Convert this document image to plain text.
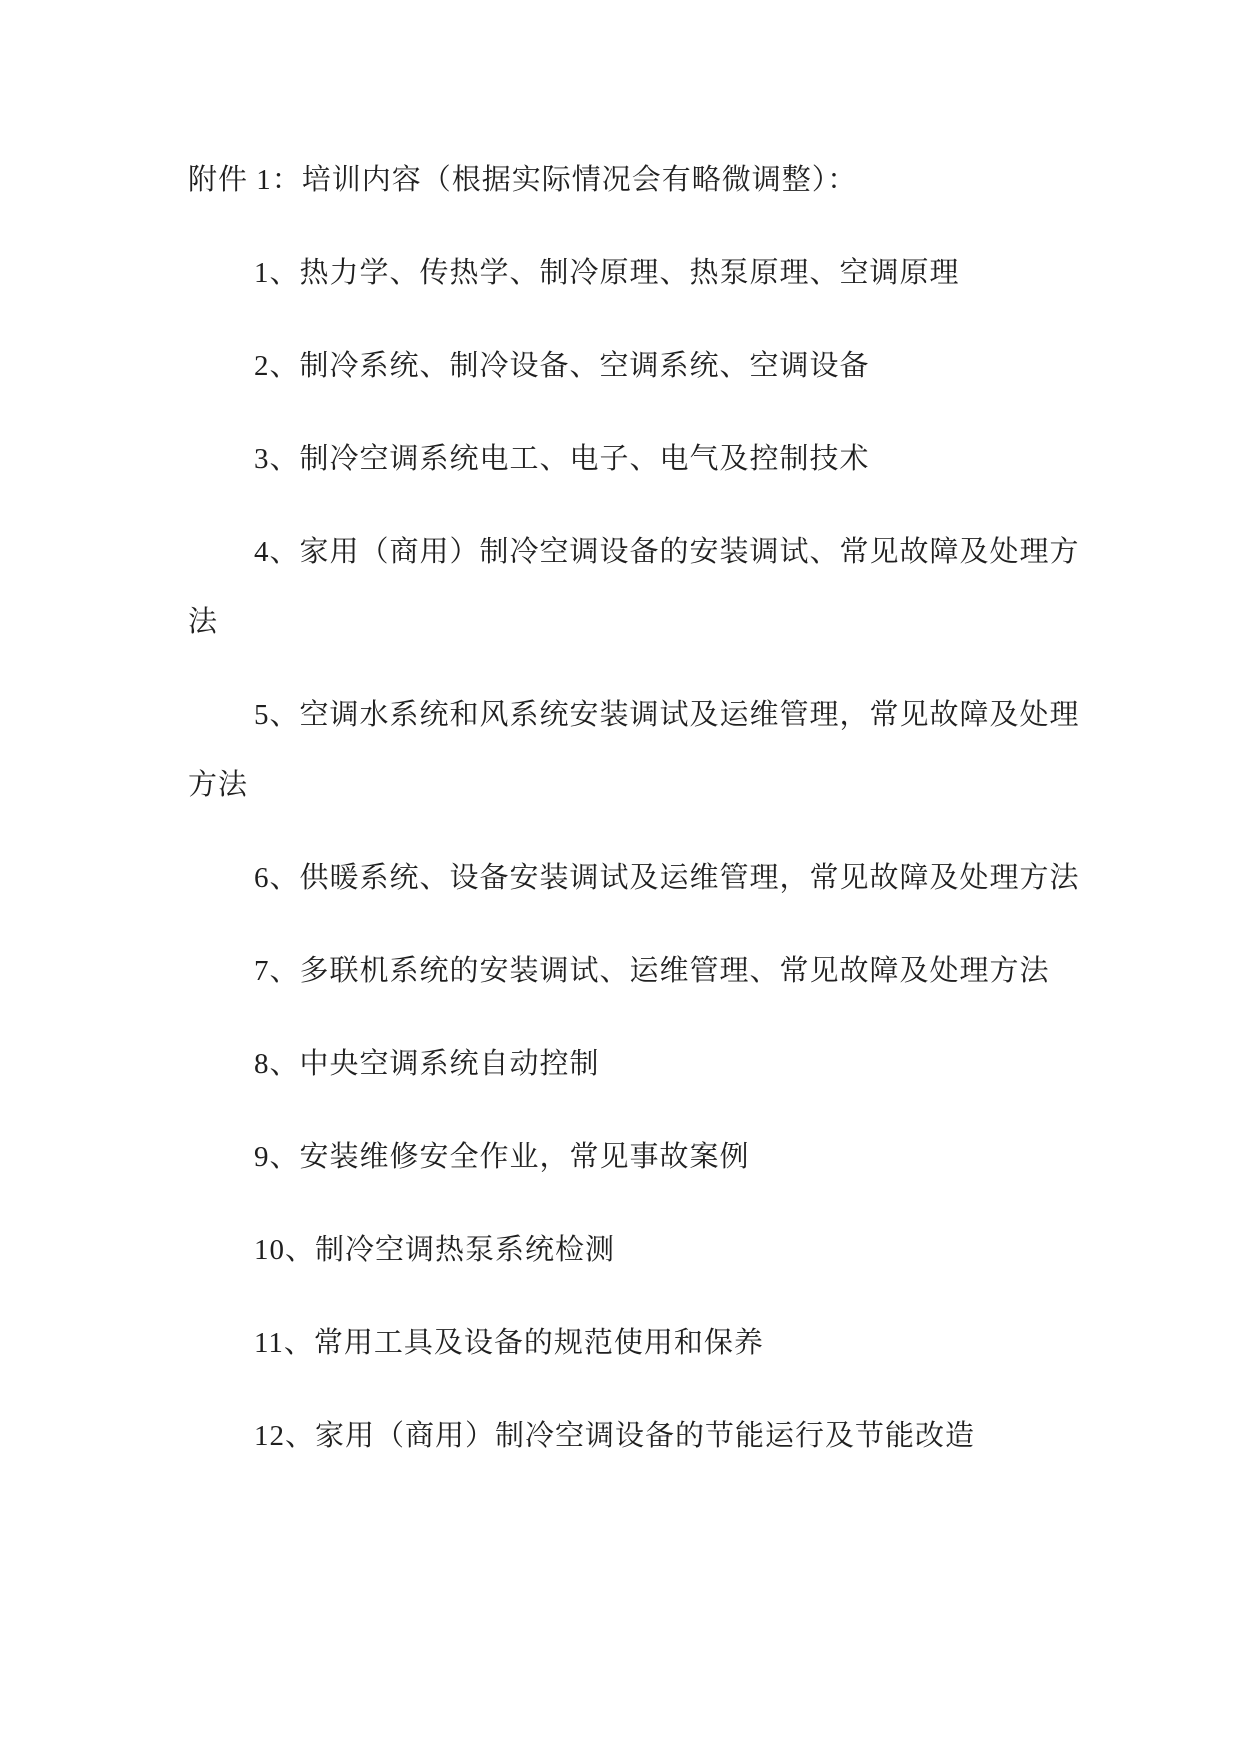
附件 1：培训内容（根据实际情况会有略微调整）：

1、热力学、传热学、制冷原理、热泵原理、空调原理

2、制冷系统、制冷设备、空调系统、空调设备

3、制冷空调系统电工、电子、电气及控制技术

4、家用（商用）制冷空调设备的安装调试、常见故障及处理方
法

5、空调水系统和风系统安装调试及运维管理，常见故障及处理
方法

6、供暖系统、设备安装调试及运维管理，常见故障及处理方法

7、多联机系统的安装调试、运维管理、常见故障及处理方法

8、中央空调系统自动控制

9、安装维修安全作业，常见事故案例

10、制冷空调热泵系统检测

11、常用工具及设备的规范使用和保养

12、家用（商用）制冷空调设备的节能运行及节能改造
